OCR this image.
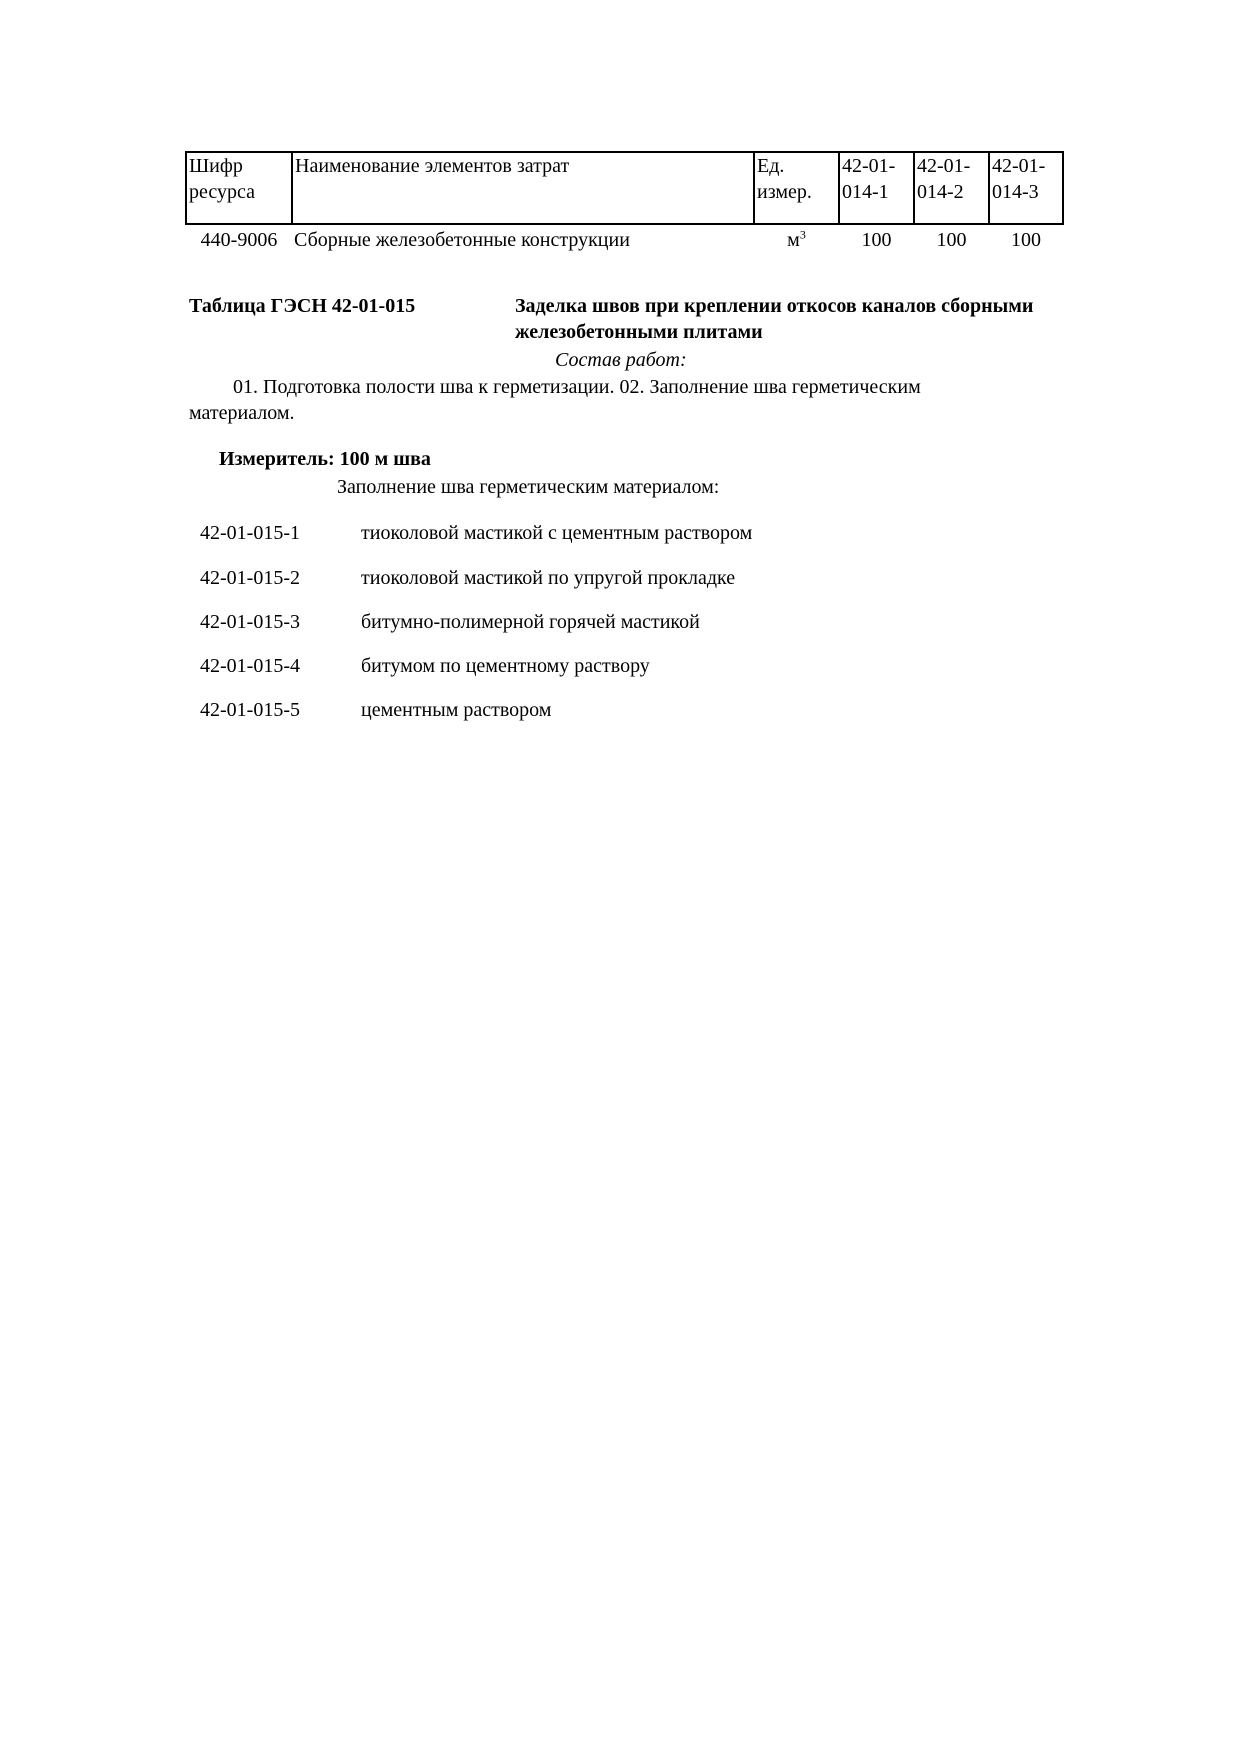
Шифр ресурса	Наименование элементов затрат	Ед. измер.	42-01-014-1	42-01-014-2	42-01-014-3
440-9006	Сборные железобетонные конструкции	$м^3$	100	100	100
Таблица ГЭСН 42-01-015	Заделка швов при креплении откосов каналов сборными железобетонными плитами
Состав работ:
01. Подготовка полости шва к герметизации. 02. Заполнение шва герметическим
материалом.
Измеритель: 100 м шва
Заполнение шва герметическим материалом:
42-01-015-1	тиоколовой мастикой с цементным раствором
42-01-015-2	тиоколовой мастикой по упругой прокладке
42-01-015-3	битумно-полимерной горячей мастикой
42-01-015-4	битумом по цементному раствору
42-01-015-5	цементным раствором
